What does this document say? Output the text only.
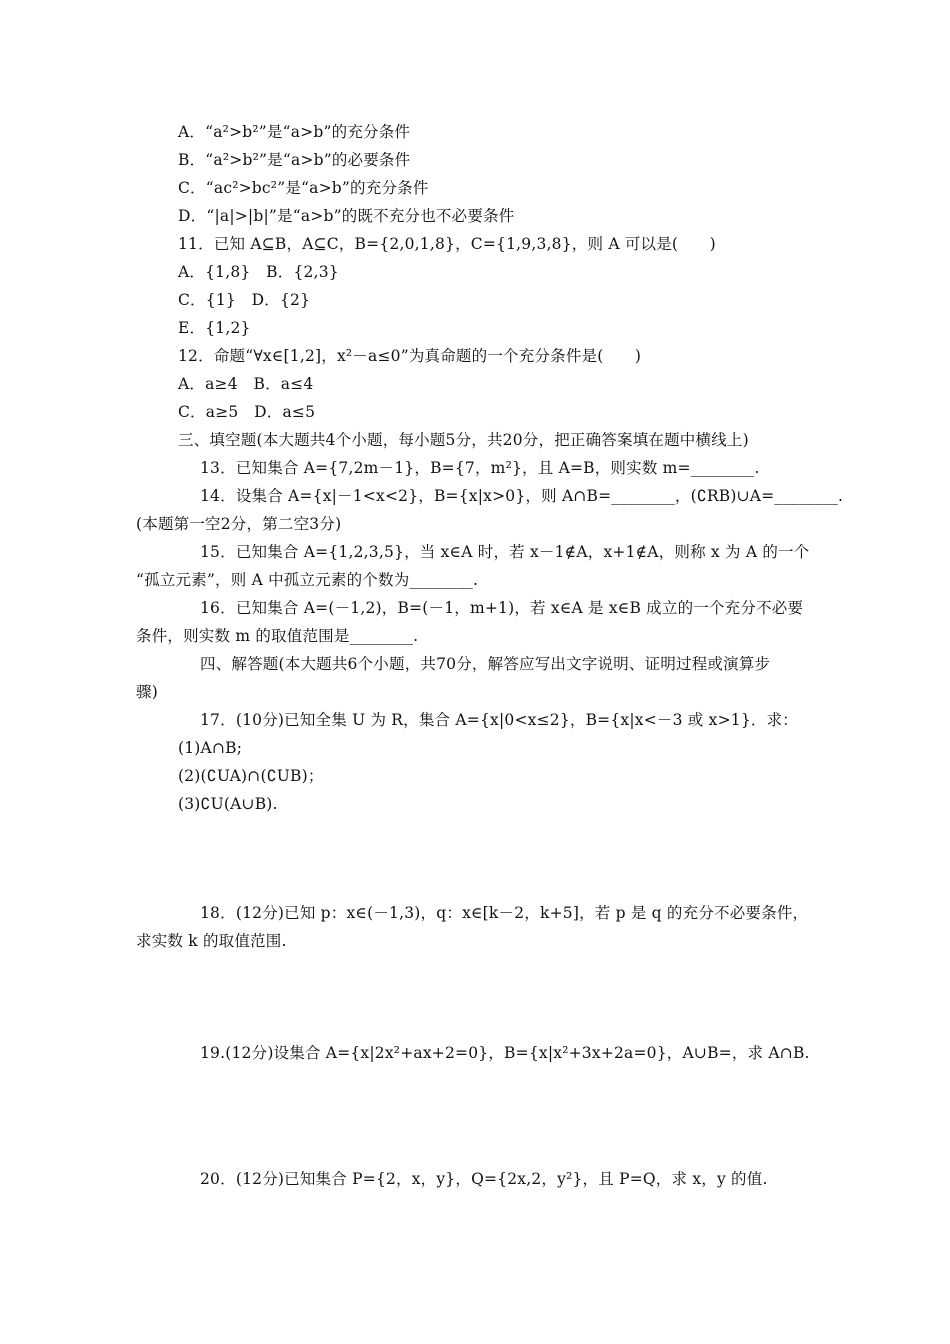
A．“a²>b²”是“a>b”的充分条件
B．“a²>b²”是“a>b”的必要条件
C．“ac²>bc²”是“a>b”的充分条件
D．“|a|>|b|”是“a>b”的既不充分也不必要条件
11．已知 A⊆B，A⊆C，B={2,0,1,8}，C={1,9,3,8}，则 A 可以是(　　)
A．{1,8}　B．{2,3}
C．{1}　D．{2}
E．{1,2}
12．命题“∀x∈[1,2]，x²－a≤0”为真命题的一个充分条件是(　　)
A．a≥4　B．a≤4
C．a≥5　D．a≤5
三、填空题(本大题共4个小题，每小题5分，共20分，把正确答案填在题中横线上)
13．已知集合 A={7,2m－1}，B={7，m²}，且 A=B，则实数 m=________.
14．设集合 A={x|－1<x<2}，B={x|x>0}，则 A∩B=________，(∁RB)∪A=________.
(本题第一空2分，第二空3分)
15．已知集合 A={1,2,3,5}，当 x∈A 时，若 x－1∉A，x+1∉A，则称 x 为 A 的一个
“孤立元素”，则 A 中孤立元素的个数为________.
16．已知集合 A=(－1,2)，B=(－1，m+1)，若 x∈A 是 x∈B 成立的一个充分不必要
条件，则实数 m 的取值范围是________.
四、解答题(本大题共6个小题，共70分，解答应写出文字说明、证明过程或演算步
骤)
17．(10分)已知全集 U 为 R，集合 A={x|0<x≤2}，B={x|x<－3 或 x>1}．求：
(1)A∩B;
(2)(∁UA)∩(∁UB)；
(3)∁U(A∪B).
18．(12分)已知 p：x∈(－1,3)，q：x∈[k－2，k+5]，若 p 是 q 的充分不必要条件，
求实数 k 的取值范围.
19.(12分)设集合 A={x|2x²+ax+2=0}，B={x|x²+3x+2a=0}，A∪B=，求 A∩B.
20．(12分)已知集合 P={2，x，y}，Q={2x,2，y²}，且 P=Q，求 x，y 的值.
